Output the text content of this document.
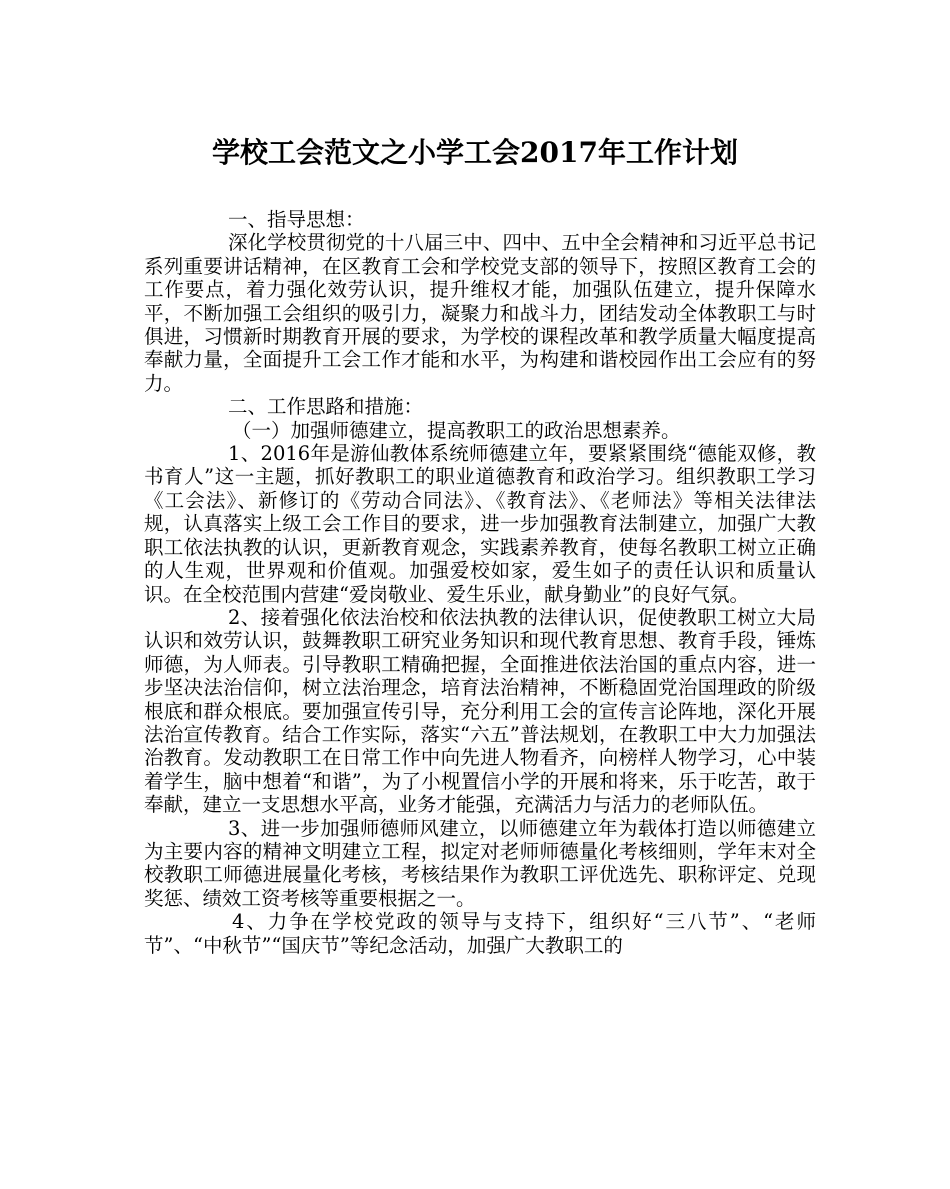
学校工会范文之小学工会2017年工作计划

一、指导思想：

深化学校贯彻党的十八届三中、四中、五中全会精神和习近平总书记系列重要讲话精神，在区教育工会和学校党支部的领导下，按照区教育工会的工作要点，着力强化效劳认识，提升维权才能，加强队伍建立，提升保障水平，不断加强工会组织的吸引力，凝聚力和战斗力，团结发动全体教职工与时俱进，习惯新时期教育开展的要求，为学校的课程改革和教学质量大幅度提高奉献力量，全面提升工会工作才能和水平，为构建和谐校园作出工会应有的努力。

二、工作思路和措施：

（一）加强师德建立，提高教职工的政治思想素养。

1、2016年是游仙教体系统师德建立年，要紧紧围绕“德能双修，教书育人”这一主题，抓好教职工的职业道德教育和政治学习。组织教职工学习《工会法》、新修订的《劳动合同法》、《教育法》、《老师法》等相关法律法规，认真落实上级工会工作目的要求，进一步加强教育法制建立，加强广大教职工依法执教的认识，更新教育观念，实践素养教育，使每名教职工树立正确的人生观，世界观和价值观。加强爱校如家，爱生如子的责任认识和质量认识。在全校范围内营建“爱岗敬业、爱生乐业，献身勤业”的良好气氛。

2、接着强化依法治校和依法执教的法律认识，促使教职工树立大局认识和效劳认识，鼓舞教职工研究业务知识和现代教育思想、教育手段，锤炼师德，为人师表。引导教职工精确把握，全面推进依法治国的重点内容，进一步坚决法治信仰，树立法治理念，培育法治精神，不断稳固党治国理政的阶级根底和群众根底。要加强宣传引导，充分利用工会的宣传言论阵地，深化开展法治宣传教育。结合工作实际，落实“六五”普法规划，在教职工中大力加强法治教育。发动教职工在日常工作中向先进人物看齐，向榜样人物学习，心中装着学生，脑中想着“和谐”，为了小枧置信小学的开展和将来，乐于吃苦，敢于奉献，建立一支思想水平高，业务才能强，充满活力与活力的老师队伍。

3、进一步加强师德师风建立，以师德建立年为载体打造以师德建立为主要内容的精神文明建立工程，拟定对老师师德量化考核细则，学年末对全校教职工师德进展量化考核，考核结果作为教职工评优选先、职称评定、兑现奖惩、绩效工资考核等重要根据之一。

4、力争在学校党政的领导与支持下，组织好“三八节”、“老师节”、“中秋节”“国庆节”等纪念活动，加强广大教职工的
